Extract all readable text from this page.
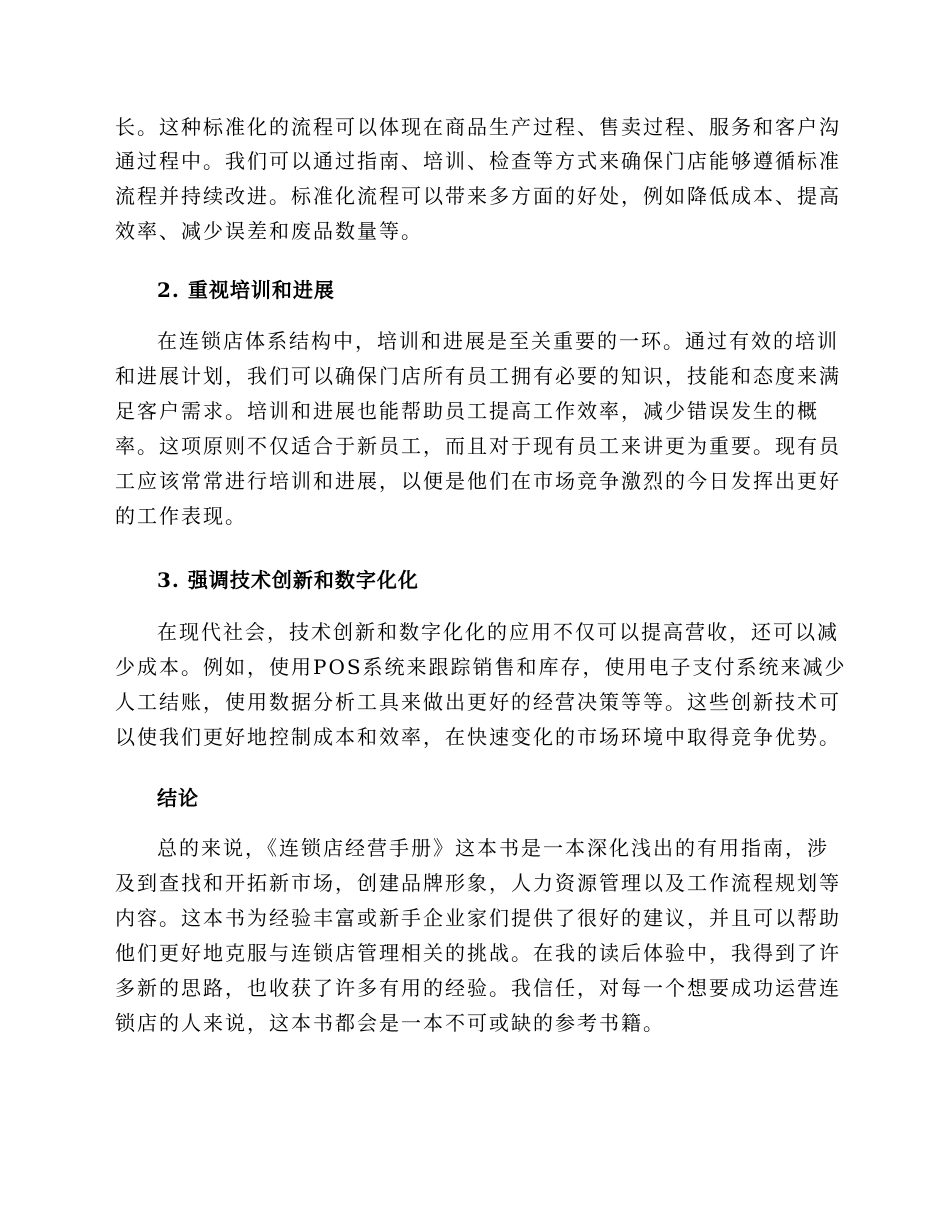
长。这种标准化的流程可以体现在商品生产过程、售卖过程、服务和客户沟

通过程中。我们可以通过指南、培训、检查等方式来确保门店能够遵循标准

流程并持续改进。标准化流程可以带来多方面的好处，例如降低成本、提高

效率、减少误差和废品数量等。

2. 重视培训和进展

在连锁店体系结构中，培训和进展是至关重要的一环。通过有效的培训

和进展计划，我们可以确保门店所有员工拥有必要的知识，技能和态度来满

足客户需求。培训和进展也能帮助员工提高工作效率，减少错误发生的概

率。这项原则不仅适合于新员工，而且对于现有员工来讲更为重要。现有员

工应该常常进行培训和进展，以便是他们在市场竞争激烈的今日发挥出更好

的工作表现。

3. 强调技术创新和数字化化

在现代社会，技术创新和数字化化的应用不仅可以提高营收，还可以减

少成本。例如，使用POS系统来跟踪销售和库存，使用电子支付系统来减少

人工结账，使用数据分析工具来做出更好的经营决策等等。这些创新技术可

以使我们更好地控制成本和效率，在快速变化的市场环境中取得竞争优势。

结论

总的来说，《连锁店经营手册》这本书是一本深化浅出的有用指南，涉

及到查找和开拓新市场，创建品牌形象，人力资源管理以及工作流程规划等

内容。这本书为经验丰富或新手企业家们提供了很好的建议，并且可以帮助

他们更好地克服与连锁店管理相关的挑战。在我的读后体验中，我得到了许

多新的思路，也收获了许多有用的经验。我信任，对每一个想要成功运营连

锁店的人来说，这本书都会是一本不可或缺的参考书籍。
